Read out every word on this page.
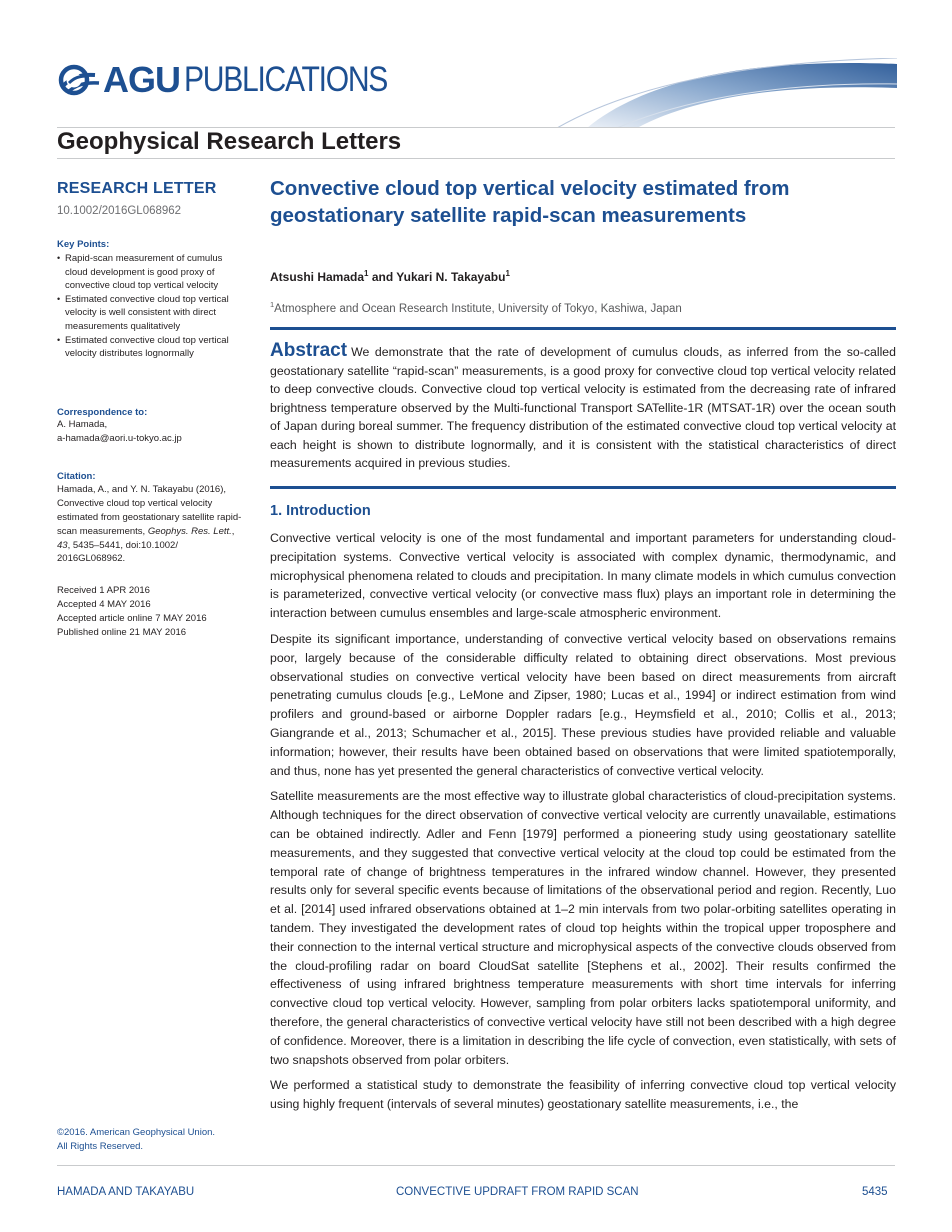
AGU PUBLICATIONS
Geophysical Research Letters
RESEARCH LETTER
10.1002/2016GL068962
Key Points:
• Rapid-scan measurement of cumulus cloud development is good proxy of convective cloud top vertical velocity
• Estimated convective cloud top vertical velocity is well consistent with direct measurements qualitatively
• Estimated convective cloud top vertical velocity distributes lognormally
Correspondence to:
A. Hamada,
a-hamada@aori.u-tokyo.ac.jp
Citation:
Hamada, A., and Y. N. Takayabu (2016), Convective cloud top vertical velocity estimated from geostationary satellite rapid-scan measurements, Geophys. Res. Lett., 43, 5435–5441, doi:10.1002/ 2016GL068962.
Received 1 APR 2016
Accepted 4 MAY 2016
Accepted article online 7 MAY 2016
Published online 21 MAY 2016
Convective cloud top vertical velocity estimated from geostationary satellite rapid-scan measurements
Atsushi Hamada$^1$ and Yukari N. Takayabu$^1$
$^1$Atmosphere and Ocean Research Institute, University of Tokyo, Kashiwa, Japan
Abstract We demonstrate that the rate of development of cumulus clouds, as inferred from the so-called geostationary satellite “rapid-scan” measurements, is a good proxy for convective cloud top vertical velocity related to deep convective clouds. Convective cloud top vertical velocity is estimated from the decreasing rate of infrared brightness temperature observed by the Multi-functional Transport SATellite-1R (MTSAT-1R) over the ocean south of Japan during boreal summer. The frequency distribution of the estimated convective cloud top vertical velocity at each height is shown to distribute lognormally, and it is consistent with the statistical characteristics of direct measurements acquired in previous studies.
1. Introduction

Convective vertical velocity is one of the most fundamental and important parameters for understanding cloud-precipitation systems. Convective vertical velocity is associated with complex dynamic, thermodynamic, and microphysical phenomena related to clouds and precipitation. In many climate models in which cumulus convection is parameterized, convective vertical velocity (or convective mass flux) plays an important role in determining the interaction between cumulus ensembles and large-scale atmospheric environment.

Despite its significant importance, understanding of convective vertical velocity based on observations remains poor, largely because of the considerable difficulty related to obtaining direct observations. Most previous observational studies on convective vertical velocity have been based on direct measurements from aircraft penetrating cumulus clouds [e.g., LeMone and Zipser, 1980; Lucas et al., 1994] or indirect estimation from wind profilers and ground-based or airborne Doppler radars [e.g., Heymsfield et al., 2010; Collis et al., 2013; Giangrande et al., 2013; Schumacher et al., 2015]. These previous studies have provided reliable and valuable information; however, their results have been obtained based on observations that were limited spatiotemporally, and thus, none has yet presented the general characteristics of convective vertical velocity.

Satellite measurements are the most effective way to illustrate global characteristics of cloud-precipitation systems. Although techniques for the direct observation of convective vertical velocity are currently unavailable, estimations can be obtained indirectly. Adler and Fenn [1979] performed a pioneering study using geostationary satellite measurements, and they suggested that convective vertical velocity at the cloud top could be estimated from the temporal rate of change of brightness temperatures in the infrared window channel. However, they presented results only for several specific events because of limitations of the observational period and region. Recently, Luo et al. [2014] used infrared observations obtained at 1–2 min intervals from two polar-orbiting satellites operating in tandem. They investigated the development rates of cloud top heights within the tropical upper troposphere and their connection to the internal vertical structure and microphysical aspects of the convective clouds observed from the cloud-profiling radar on board CloudSat satellite [Stephens et al., 2002]. Their results confirmed the effectiveness of using infrared brightness temperature measurements with short time intervals for inferring convective cloud top vertical velocity. However, sampling from polar orbiters lacks spatiotemporal uniformity, and therefore, the general characteristics of convective vertical velocity have still not been described with a high degree of confidence. Moreover, there is a limitation in describing the life cycle of convection, even statistically, with sets of two snapshots observed from polar orbiters.

We performed a statistical study to demonstrate the feasibility of inferring convective cloud top vertical velocity using highly frequent (intervals of several minutes) geostationary satellite measurements, i.e., the

©2016. American Geophysical Union.
All Rights Reserved.
HAMADA AND TAKAYABU	CONVECTIVE UPDRAFT FROM RAPID SCAN	5435
